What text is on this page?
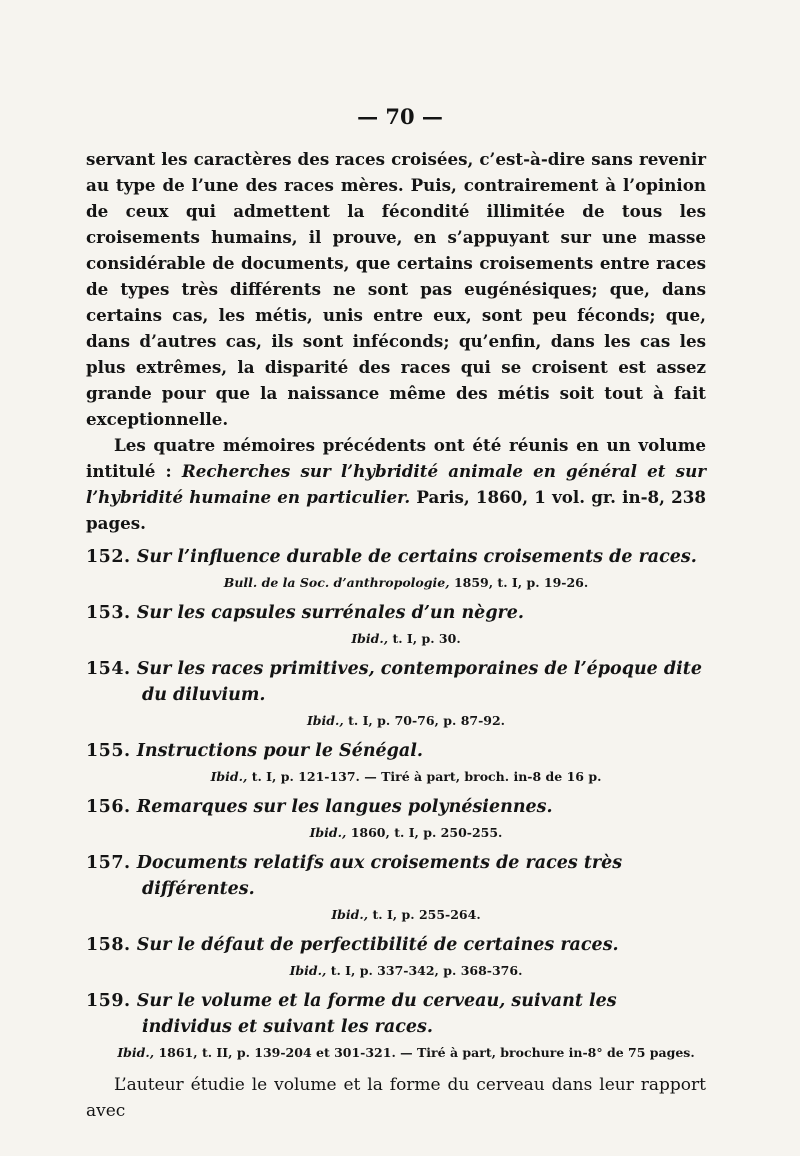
— 70 —

servant les caractères des races croisées, c’est-à-dire sans revenir au type de l’une des races mères. Puis, contrairement à l’opinion de ceux qui admettent la fécondité illimitée de tous les croisements humains, il prouve, en s’appuyant sur une masse considérable de documents, que certains croisements entre races de types très différents ne sont pas eugénésiques; que, dans certains cas, les métis, unis entre eux, sont peu féconds; que, dans d’autres cas, ils sont inféconds; qu’enfin, dans les cas les plus extrêmes, la disparité des races qui se croisent est assez grande pour que la naissance même des métis soit tout à fait exceptionnelle.

Les quatre mémoires précédents ont été réunis en un volume intitulé : Recherches sur l’hybridité animale en général et sur l’hybridité humaine en particulier. Paris, 1860, 1 vol. gr. in-8, 238 pages.

152. Sur l’influence durable de certains croisements de races.

Bull. de la Soc. d’anthropologie, 1859, t. I, p. 19-26.

153. Sur les capsules surrénales d’un nègre.

Ibid., t. I, p. 30.

154. Sur les races primitives, contemporaines de l’époque dite du diluvium.

Ibid., t. I, p. 70-76, p. 87-92.

155. Instructions pour le Sénégal.

Ibid., t. I, p. 121-137. — Tiré à part, broch. in-8 de 16 p.

156. Remarques sur les langues polynésiennes.

Ibid., 1860, t. I, p. 250-255.

157. Documents relatifs aux croisements de races très différentes.

Ibid., t. I, p. 255-264.

158. Sur le défaut de perfectibilité de certaines races.

Ibid., t. I, p. 337-342, p. 368-376.

159. Sur le volume et la forme du cerveau, suivant les individus et suivant les races.

Ibid., 1861, t. II, p. 139-204 et 301-321. — Tiré à part, brochure in-8° de 75 pages.

L’auteur étudie le volume et la forme du cerveau dans leur rapport avec
